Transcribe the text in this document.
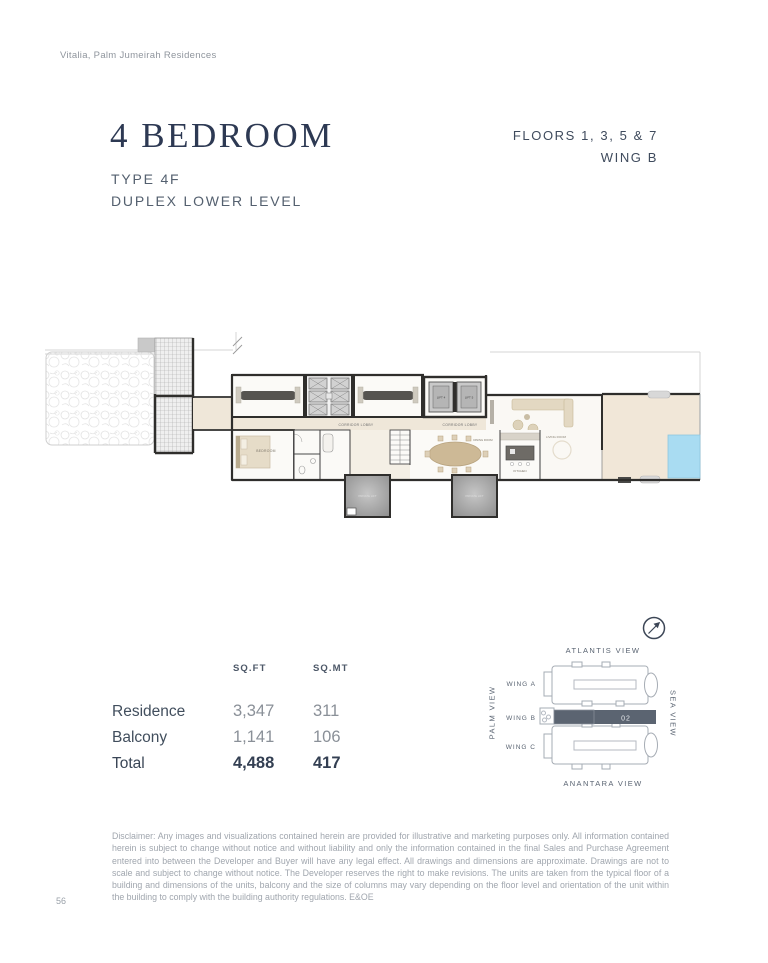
Vitalia, Palm Jumeirah Residences
4 BEDROOM
TYPE 4F
DUPLEX LOWER LEVEL
FLOORS 1, 3, 5 & 7
WING B
LIFT 4	LIFT 5
BEDROOM
DINING ROOM
KITCHEN
CORRIDOR LOBBY	CORRIDOR LOBBY
LIVING ROOM
PRIVATE LIFT	PRIVATE LIFT
SQ.FT	SQ.MT
Residence	3,347	311
Balcony	1,141	106
Total	4,488	417
ATLANTIS VIEW
ANANTARA VIEW
PALM VIEW	SEA VIEW
WING A
WING B
WING C
02
Disclaimer: Any images and visualizations contained herein are provided for illustrative and marketing purposes only. All information contained herein is subject to change without notice and without liability and only the information contained in the final Sales and Purchase Agreement entered into between the Developer and Buyer will have any legal effect. All drawings and dimensions are approximate. Drawings are not to scale and subject to change without notice. The Developer reserves the right to make revisions. The units are taken from the typical floor of a building and dimensions of the units, balcony and the size of columns may vary depending on the floor level and orientation of the unit within the building to comply with the building authority regulations. E&OE
56
